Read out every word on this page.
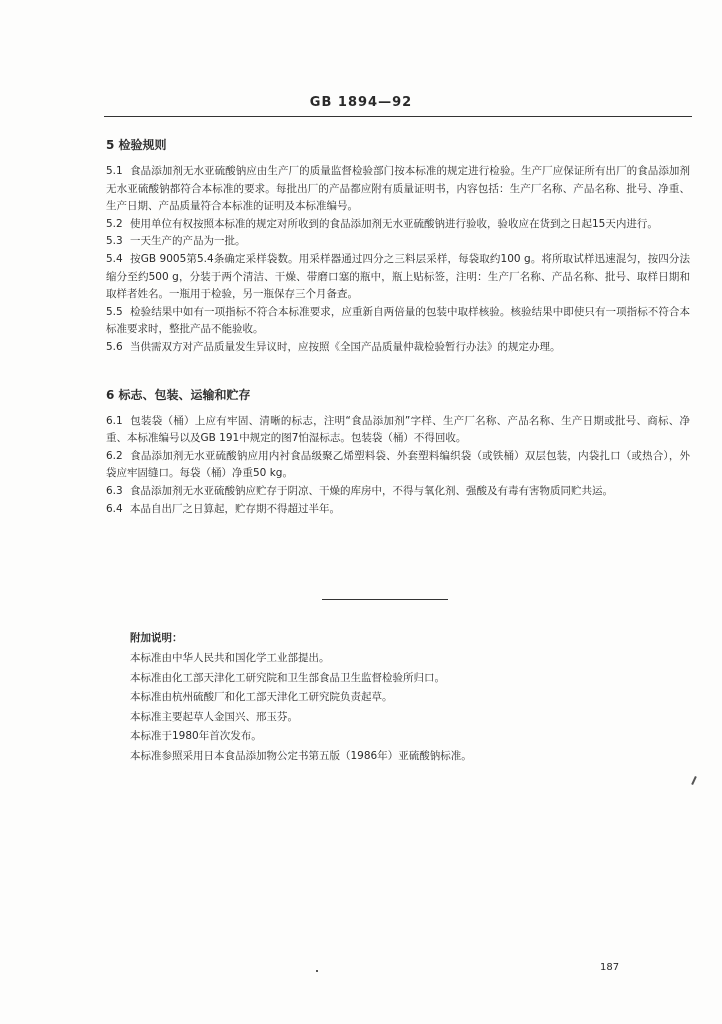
GB 1894—92
5 检验规则

5.1 食品添加剂无水亚硫酸钠应由生产厂的质量监督检验部门按本标准的规定进行检验。生产厂应保证所有出厂的食品添加剂无水亚硫酸钠都符合本标准的要求。每批出厂的产品都应附有质量证明书，内容包括：生产厂名称、产品名称、批号、净重、生产日期、产品质量符合本标准的证明及本标准编号。

5.2 使用单位有权按照本标准的规定对所收到的食品添加剂无水亚硫酸钠进行验收，验收应在货到之日起15天内进行。

5.3 一天生产的产品为一批。

5.4 按GB 9005第5.4条确定采样袋数。用采样器通过四分之三料层采样，每袋取约100 g。将所取试样迅速混匀，按四分法缩分至约500 g，分装于两个清洁、干燥、带磨口塞的瓶中，瓶上贴标签，注明：生产厂名称、产品名称、批号、取样日期和取样者姓名。一瓶用于检验，另一瓶保存三个月备查。

5.5 检验结果中如有一项指标不符合本标准要求，应重新自两倍量的包装中取样核验。核验结果中即使只有一项指标不符合本标准要求时，整批产品不能验收。

5.6 当供需双方对产品质量发生异议时，应按照《全国产品质量仲裁检验暂行办法》的规定办理。

6 标志、包装、运输和贮存

6.1 包装袋（桶）上应有牢固、清晰的标志，注明“食品添加剂”字样、生产厂名称、产品名称、生产日期或批号、商标、净重、本标准编号以及GB 191中规定的图7怕湿标志。包装袋（桶）不得回收。

6.2 食品添加剂无水亚硫酸钠应用内衬食品级聚乙烯塑料袋、外套塑料编织袋（或铁桶）双层包装，内袋扎口（或热合），外袋应牢固缝口。每袋（桶）净重50 kg。

6.3 食品添加剂无水亚硫酸钠应贮存于阴凉、干燥的库房中，不得与氧化剂、强酸及有毒有害物质同贮共运。

6.4 本品自出厂之日算起，贮存期不得超过半年。

附加说明：

本标准由中华人民共和国化学工业部提出。

本标准由化工部天津化工研究院和卫生部食品卫生监督检验所归口。

本标准由杭州硫酸厂和化工部天津化工研究院负责起草。

本标准主要起草人金国兴、邢玉芬。

本标准于1980年首次发布。

本标准参照采用日本食品添加物公定书第五版（1986年）亚硫酸钠标准。

187
